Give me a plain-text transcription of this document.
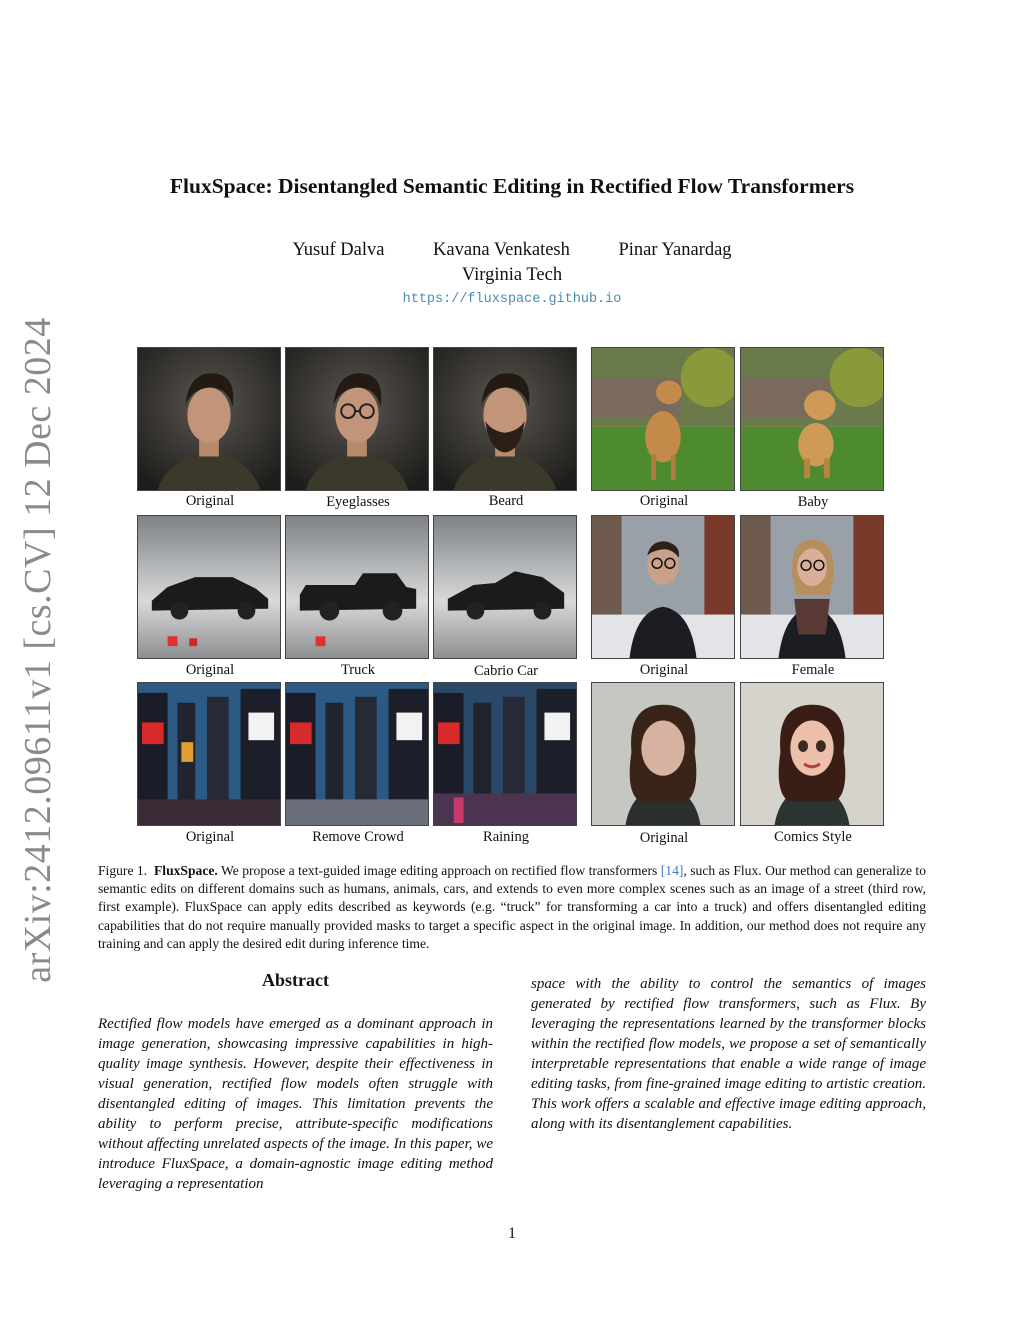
arXiv:2412.09611v1 [cs.CV] 12 Dec 2024
FluxSpace: Disentangled Semantic Editing in Rectified Flow Transformers
Yusuf Dalva	Kavana Venkatesh	Pinar Yanardag
Virginia Tech
https://fluxspace.github.io
Original	Eyeglasses	Beard	Original	Baby
Original	Truck	Cabrio Car	Original	Female
Original	Remove Crowd	Raining	Original	Comics Style
Figure 1. FluxSpace. We propose a text-guided image editing approach on rectified flow transformers [14], such as Flux. Our method can generalize to semantic edits on different domains such as humans, animals, cars, and extends to even more complex scenes such as an image of a street (third row, first example). FluxSpace can apply edits described as keywords (e.g. “truck” for transforming a car into a truck) and offers disentangled editing capabilities that do not require manually provided masks to target a specific aspect in the original image. In addition, our method does not require any training and can apply the desired edit during inference time.
Abstract
Rectified flow models have emerged as a dominant approach in image generation, showcasing impressive capabilities in high-quality image synthesis. However, despite their effectiveness in visual generation, rectified flow models often struggle with disentangled editing of images. This limitation prevents the ability to perform precise, attribute-specific modifications without affecting unrelated aspects of the image. In this paper, we introduce FluxSpace, a domain-agnostic image editing method leveraging a representation
space with the ability to control the semantics of images generated by rectified flow transformers, such as Flux. By leveraging the representations learned by the transformer blocks within the rectified flow models, we propose a set of semantically interpretable representations that enable a wide range of image editing tasks, from fine-grained image editing to artistic creation. This work offers a scalable and effective image editing approach, along with its disentanglement capabilities.
1
